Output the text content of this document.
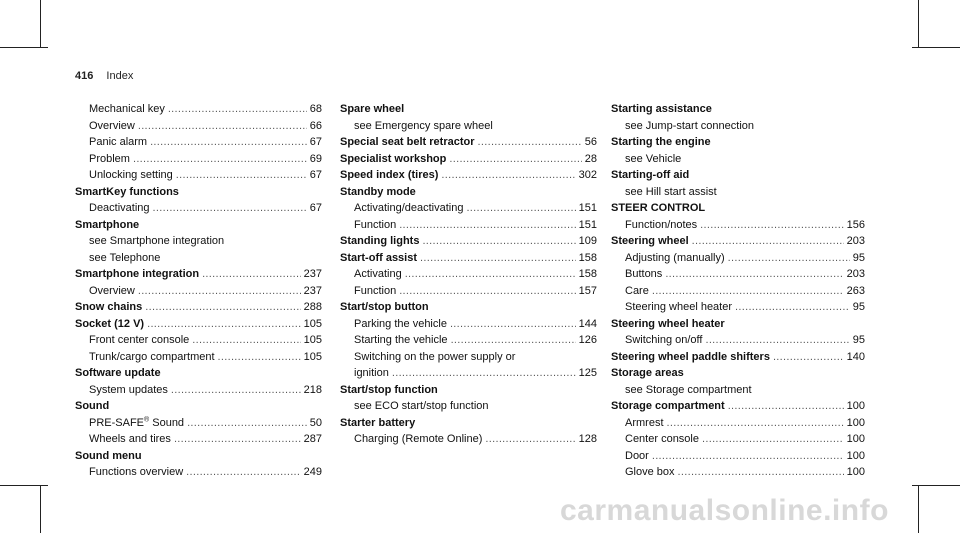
416 Index
Mechanical key .....	68
Overview .....	66
Panic alarm .....	67
Problem .....	69
Unlocking setting .....	67
SmartKey functions
Deactivating .....	67
Smartphone
see Smartphone integration
see Telephone
Smartphone integration .....	237
Overview .....	237
Snow chains .....	288
Socket (12 V) .....	105
Front center console .....	105
Trunk/cargo compartment .....	105
Software update
System updates .....	218
Sound
PRE-SAFE® Sound .....	50
Wheels and tires .....	287
Sound menu
Functions overview .....	249
Spare wheel
see Emergency spare wheel
Special seat belt retractor .....	56
Specialist workshop .....	28
Speed index (tires) .....	302
Standby mode
Activating/deactivating .....	151
Function .....	151
Standing lights .....	109
Start-off assist .....	158
Activating .....	158
Function .....	157
Start/stop button
Parking the vehicle .....	144
Starting the vehicle .....	126
Switching on the power supply or
ignition .....	125
Start/stop function
see ECO start/stop function
Starter battery
Charging (Remote Online) .....	128
Starting assistance
see Jump-start connection
Starting the engine
see Vehicle
Starting-off aid
see Hill start assist
STEER CONTROL
Function/notes .....	156
Steering wheel .....	203
Adjusting (manually) .....	95
Buttons .....	203
Care .....	263
Steering wheel heater .....	95
Steering wheel heater
Switching on/off .....	95
Steering wheel paddle shifters .....	140
Storage areas
see Storage compartment
Storage compartment .....	100
Armrest .....	100
Center console .....	100
Door .....	100
Glove box .....	100
carmanualsonline.info
